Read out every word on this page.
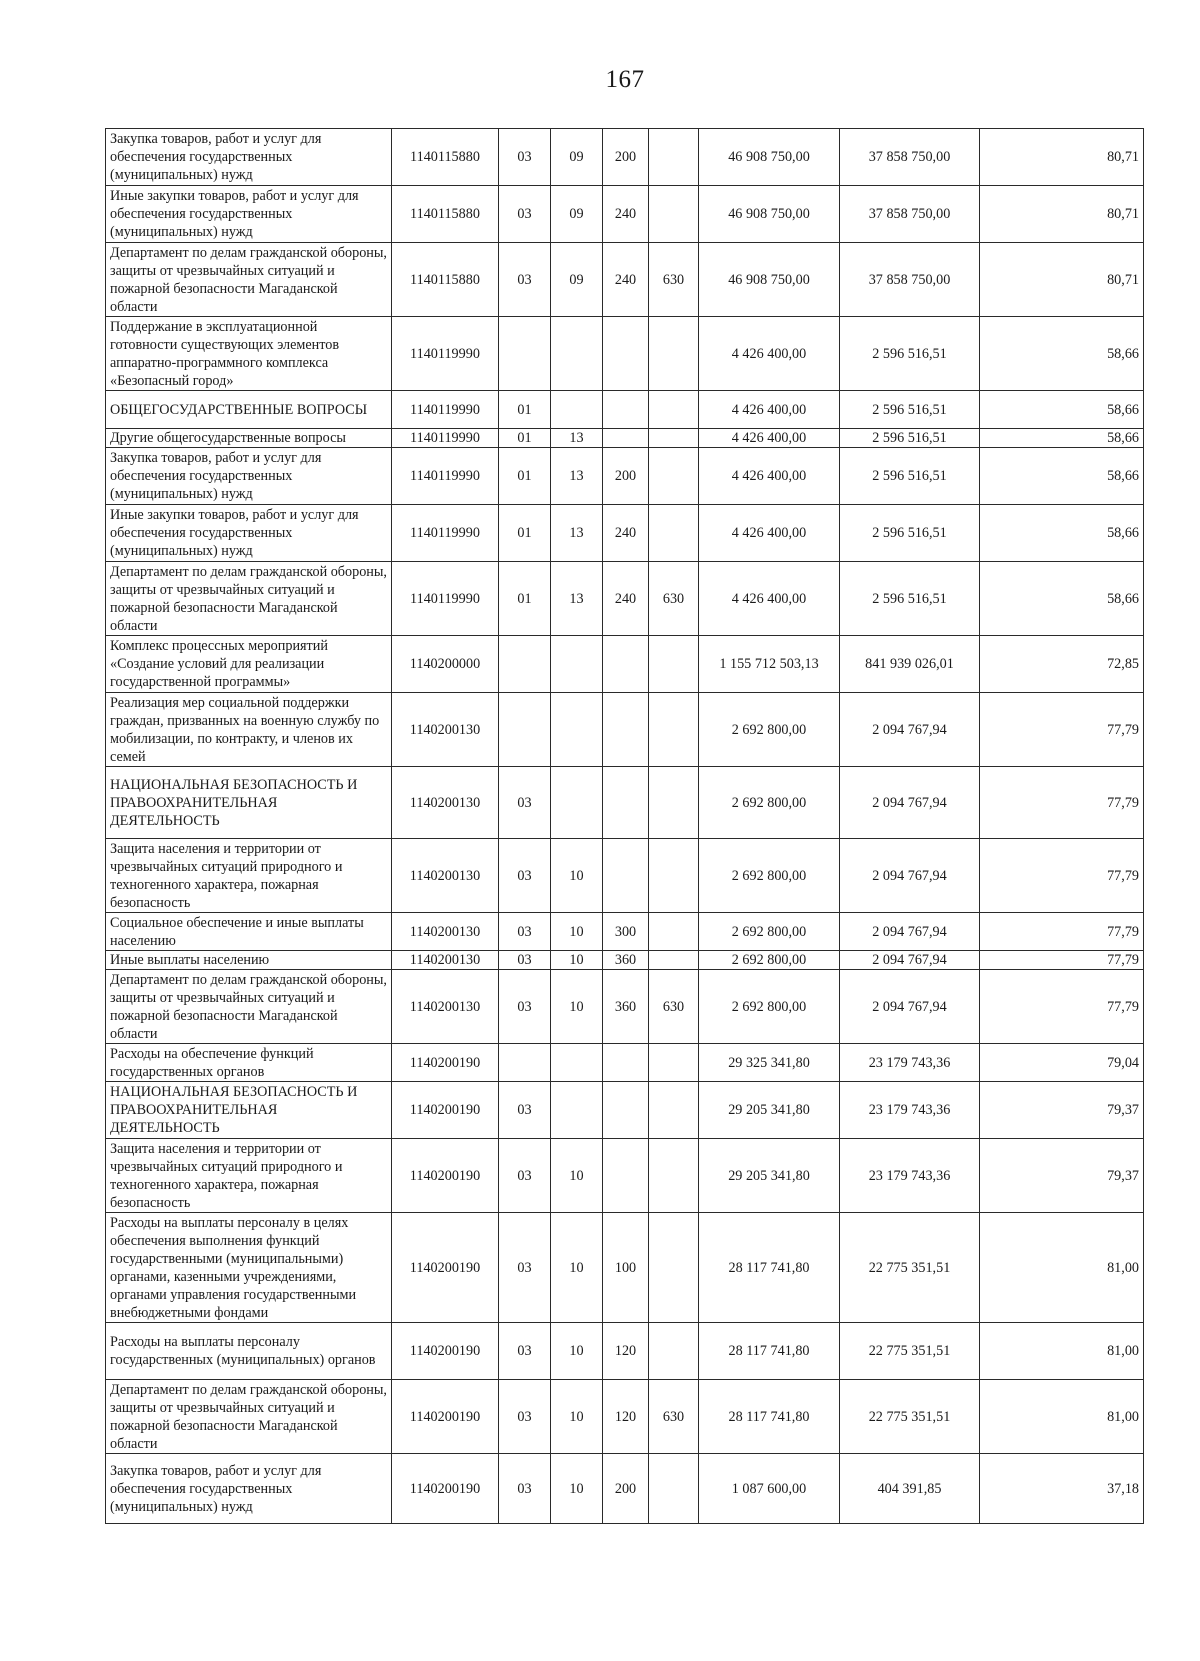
167
Закупка товаров, работ и услуг для обеспечения государственных (муниципальных) нужд	1140115880	03	09	200		46 908 750,00	37 858 750,00	80,71
Иные закупки товаров, работ и услуг для обеспечения государственных (муниципальных) нужд	1140115880	03	09	240		46 908 750,00	37 858 750,00	80,71
Департамент по делам гражданской обороны, защиты от чрезвычайных ситуаций и пожарной безопасности Магаданской области	1140115880	03	09	240	630	46 908 750,00	37 858 750,00	80,71
Поддержание в эксплуатационной готовности существующих элементов аппаратно-программного комплекса «Безопасный город»	1140119990					4 426 400,00	2 596 516,51	58,66
ОБЩЕГОСУДАРСТВЕННЫЕ ВОПРОСЫ	1140119990	01				4 426 400,00	2 596 516,51	58,66
Другие общегосударственные вопросы	1140119990	01	13			4 426 400,00	2 596 516,51	58,66
Закупка товаров, работ и услуг для обеспечения государственных (муниципальных) нужд	1140119990	01	13	200		4 426 400,00	2 596 516,51	58,66
Иные закупки товаров, работ и услуг для обеспечения государственных (муниципальных) нужд	1140119990	01	13	240		4 426 400,00	2 596 516,51	58,66
Департамент по делам гражданской обороны, защиты от чрезвычайных ситуаций и пожарной безопасности Магаданской области	1140119990	01	13	240	630	4 426 400,00	2 596 516,51	58,66
Комплекс процессных мероприятий «Создание условий для реализации государственной программы»	1140200000					1 155 712 503,13	841 939 026,01	72,85
Реализация мер социальной поддержки граждан, призванных на военную службу по мобилизации, по контракту, и членов их семей	1140200130					2 692 800,00	2 094 767,94	77,79
НАЦИОНАЛЬНАЯ БЕЗОПАСНОСТЬ И ПРАВООХРАНИТЕЛЬНАЯ ДЕЯТЕЛЬНОСТЬ	1140200130	03				2 692 800,00	2 094 767,94	77,79
Защита населения и территории от чрезвычайных ситуаций природного и техногенного характера, пожарная безопасность	1140200130	03	10			2 692 800,00	2 094 767,94	77,79
Социальное обеспечение и иные выплаты населению	1140200130	03	10	300		2 692 800,00	2 094 767,94	77,79
Иные выплаты населению	1140200130	03	10	360		2 692 800,00	2 094 767,94	77,79
Департамент по делам гражданской обороны, защиты от чрезвычайных ситуаций и пожарной безопасности Магаданской области	1140200130	03	10	360	630	2 692 800,00	2 094 767,94	77,79
Расходы на обеспечение функций государственных органов	1140200190					29 325 341,80	23 179 743,36	79,04
НАЦИОНАЛЬНАЯ БЕЗОПАСНОСТЬ И ПРАВООХРАНИТЕЛЬНАЯ ДЕЯТЕЛЬНОСТЬ	1140200190	03				29 205 341,80	23 179 743,36	79,37
Защита населения и территории от чрезвычайных ситуаций природного и техногенного характера, пожарная безопасность	1140200190	03	10			29 205 341,80	23 179 743,36	79,37
Расходы на выплаты персоналу в целях обеспечения выполнения функций государственными (муниципальными) органами, казенными учреждениями, органами управления государственными внебюджетными фондами	1140200190	03	10	100		28 117 741,80	22 775 351,51	81,00
Расходы на выплаты персоналу государственных (муниципальных) органов	1140200190	03	10	120		28 117 741,80	22 775 351,51	81,00
Департамент по делам гражданской обороны, защиты от чрезвычайных ситуаций и пожарной безопасности Магаданской области	1140200190	03	10	120	630	28 117 741,80	22 775 351,51	81,00
Закупка товаров, работ и услуг для обеспечения государственных (муниципальных) нужд	1140200190	03	10	200		1 087 600,00	404 391,85	37,18
